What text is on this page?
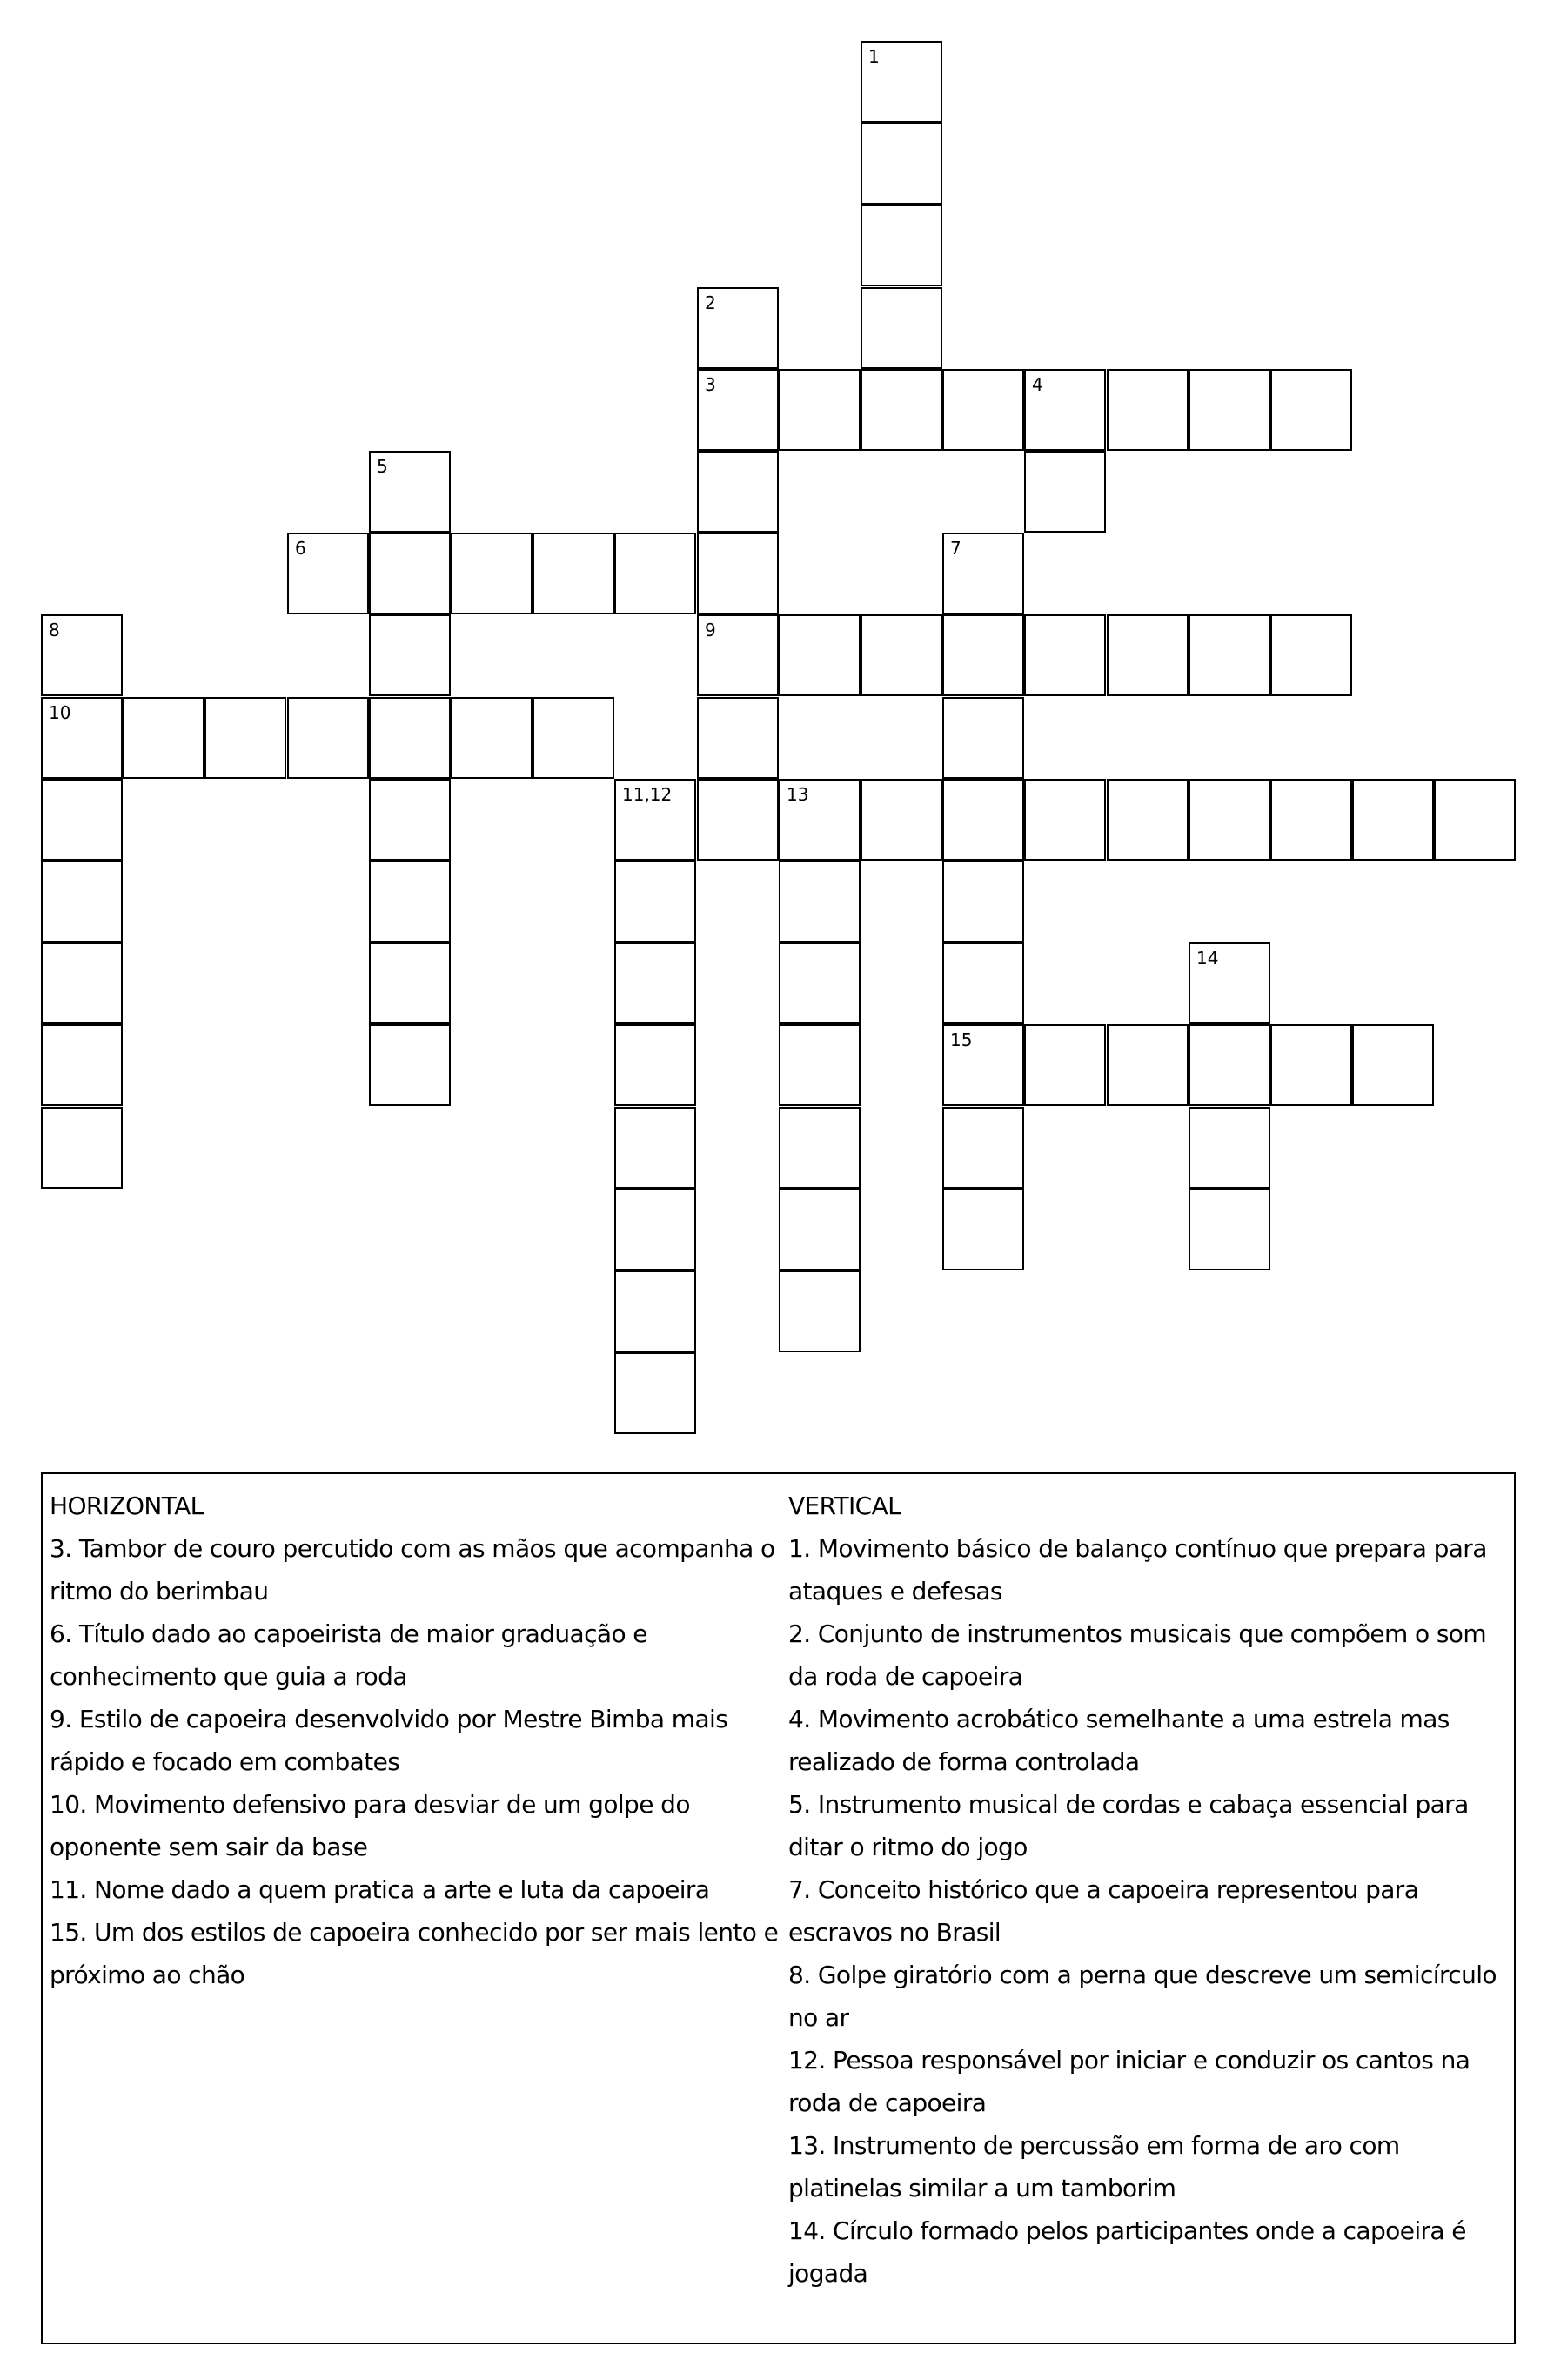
1
2
3	4
5
6	7
8	9
10
11,12	13
14
15

HORIZONTAL

3. Tambor de couro percutido com as mãos que acompanha o ritmo do berimbau

6. Título dado ao capoeirista de maior graduação e conhecimento que guia a roda

9. Estilo de capoeira desenvolvido por Mestre Bimba mais rápido e focado em combates

10. Movimento defensivo para desviar de um golpe do oponente sem sair da base

11. Nome dado a quem pratica a arte e luta da capoeira

15. Um dos estilos de capoeira conhecido por ser mais lento e próximo ao chão

VERTICAL

1. Movimento básico de balanço contínuo que prepara para ataques e defesas

2. Conjunto de instrumentos musicais que compõem o som da roda de capoeira

4. Movimento acrobático semelhante a uma estrela mas realizado de forma controlada

5. Instrumento musical de cordas e cabaça essencial para ditar o ritmo do jogo

7. Conceito histórico que a capoeira representou para escravos no Brasil

8. Golpe giratório com a perna que descreve um semicírculo no ar

12. Pessoa responsável por iniciar e conduzir os cantos na roda de capoeira

13. Instrumento de percussão em forma de aro com platinelas similar a um tamborim

14. Círculo formado pelos participantes onde a capoeira é jogada
